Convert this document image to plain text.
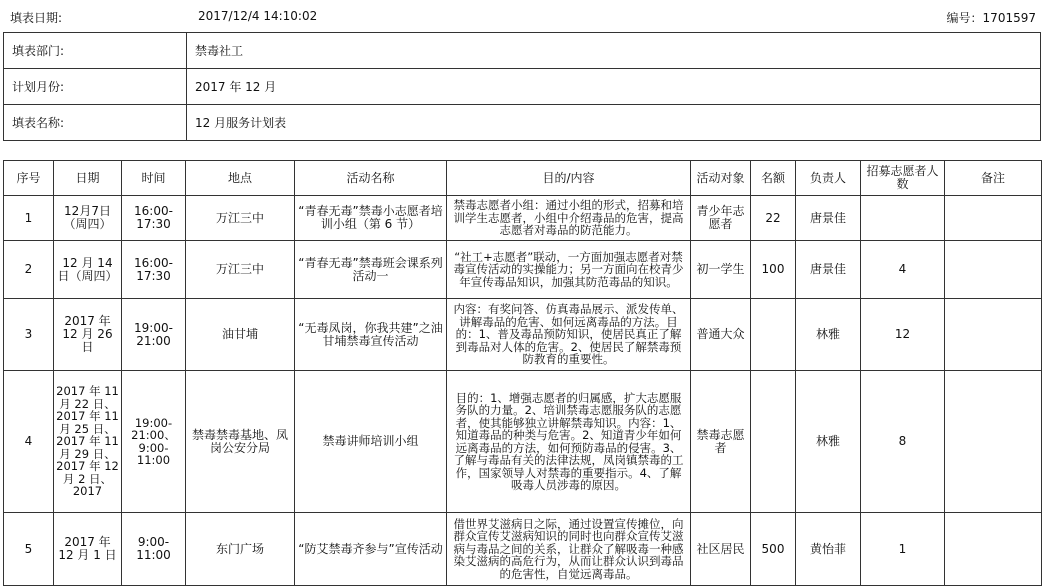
填表日期:	2017/12/4 14:10:02	编号：1701597
填表部门:	禁毒社工
计划月份:	2017 年 12 月
填表名称:	12 月服务计划表
序号	日期	时间	地点	活动名称	目的/内容	活动对象	名额	负责人	招募志愿者人数	备注
1	12月7日（周四）	16:00-17:30	万江三中	“青春无毒”禁毒小志愿者培训小组（第 6 节）	禁毒志愿者小组：通过小组的形式，招募和培训学生志愿者，小组中介绍毒品的危害，提高志愿者对毒品的防范能力。	青少年志愿者	22	唐景佳		
2	12 月 14 日（周四）	16:00-17:30	万江三中	“青春无毒”禁毒班会课系列活动一	“社工+志愿者”联动，一方面加强志愿者对禁毒宣传活动的实操能力；另一方面向在校青少年宣传毒品知识，加强其防范毒品的知识。	初一学生	100	唐景佳	4	
3	2017 年 12 月 26 日	19:00-21:00	油甘埔	“无毒凤岗，你我共建”之油甘埔禁毒宣传活动	内容：有奖问答、仿真毒品展示、派发传单、讲解毒品的危害、如何远离毒品的方法。目的：1、普及毒品预防知识，使居民真正了解到毒品对人体的危害。2、使居民了解禁毒预防教育的重要性。	普通大众		林雅	12	
4	2017 年 11 月 22 日、2017 年 11 月 25 日、2017 年 11 月 29 日、2017 年 12 月 2 日、2017	19:00-21:00、9:00-11:00	禁毒禁毒基地、凤岗公安分局	禁毒讲师培训小组	目的：1、增强志愿者的归属感，扩大志愿服务队的力量。2、培训禁毒志愿服务队的志愿者，使其能够独立讲解禁毒知识。内容：1、知道毒品的种类与危害。2、知道青少年如何远离毒品的方法，如何预防毒品的侵害。3、了解与毒品有关的法律法规，凤岗镇禁毒的工作，国家领导人对禁毒的重要指示。4、了解吸毒人员涉毒的原因。	禁毒志愿者		林雅	8	
5	2017 年 12 月 1 日	9:00-11:00	东门广场	“防艾禁毒齐参与”宣传活动	借世界艾滋病日之际，通过设置宣传摊位，向群众宣传艾滋病知识的同时也向群众宣传艾滋病与毒品之间的关系，让群众了解吸毒一种感染艾滋病的高危行为，从而让群众认识到毒品的危害性，自觉远离毒品。	社区居民	500	黄怡菲	1	
